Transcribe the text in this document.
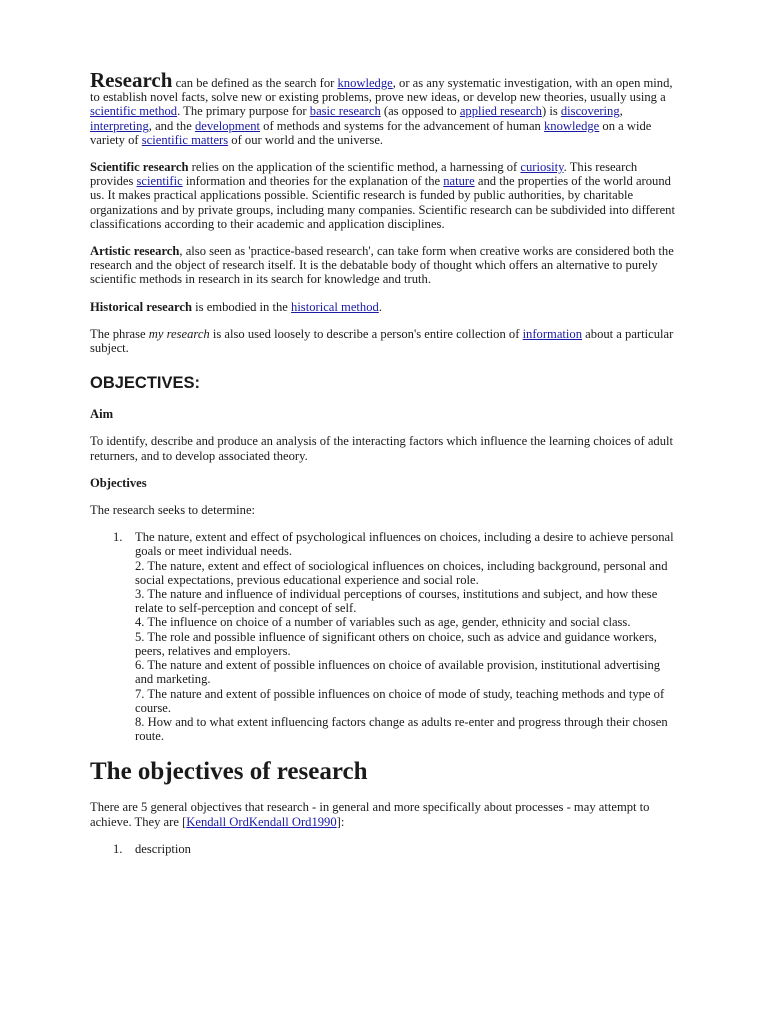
Research can be defined as the search for knowledge, or as any systematic investigation, with an open mind, to establish novel facts, solve new or existing problems, prove new ideas, or develop new theories, usually using a scientific method. The primary purpose for basic research (as opposed to applied research) is discovering, interpreting, and the development of methods and systems for the advancement of human knowledge on a wide variety of scientific matters of our world and the universe.

Scientific research relies on the application of the scientific method, a harnessing of curiosity. This research provides scientific information and theories for the explanation of the nature and the properties of the world around us. It makes practical applications possible. Scientific research is funded by public authorities, by charitable organizations and by private groups, including many companies. Scientific research can be subdivided into different classifications according to their academic and application disciplines.

Artistic research, also seen as 'practice-based research', can take form when creative works are considered both the research and the object of research itself. It is the debatable body of thought which offers an alternative to purely scientific methods in research in its search for knowledge and truth.

Historical research is embodied in the historical method.

The phrase my research is also used loosely to describe a person's entire collection of information about a particular subject.

OBJECTIVES:

Aim

To identify, describe and produce an analysis of the interacting factors which influence the learning choices of adult returners, and to develop associated theory.

Objectives

The research seeks to determine:

1. The nature, extent and effect of psychological influences on choices, including a desire to achieve personal goals or meet individual needs.
2. The nature, extent and effect of sociological influences on choices, including background, personal and social expectations, previous educational experience and social role.
3. The nature and influence of individual perceptions of courses, institutions and subject, and how these relate to self-perception and concept of self.
4. The influence on choice of a number of variables such as age, gender, ethnicity and social class.
5. The role and possible influence of significant others on choice, such as advice and guidance workers, peers, relatives and employers.
6. The nature and extent of possible influences on choice of available provision, institutional advertising and marketing.
7. The nature and extent of possible influences on choice of mode of study, teaching methods and type of course.
8. How and to what extent influencing factors change as adults re-enter and progress through their chosen route.
The objectives of research

There are 5 general objectives that research - in general and more specifically about processes - may attempt to achieve. They are [Kendall OrdKendall Ord1990]:

1. description
